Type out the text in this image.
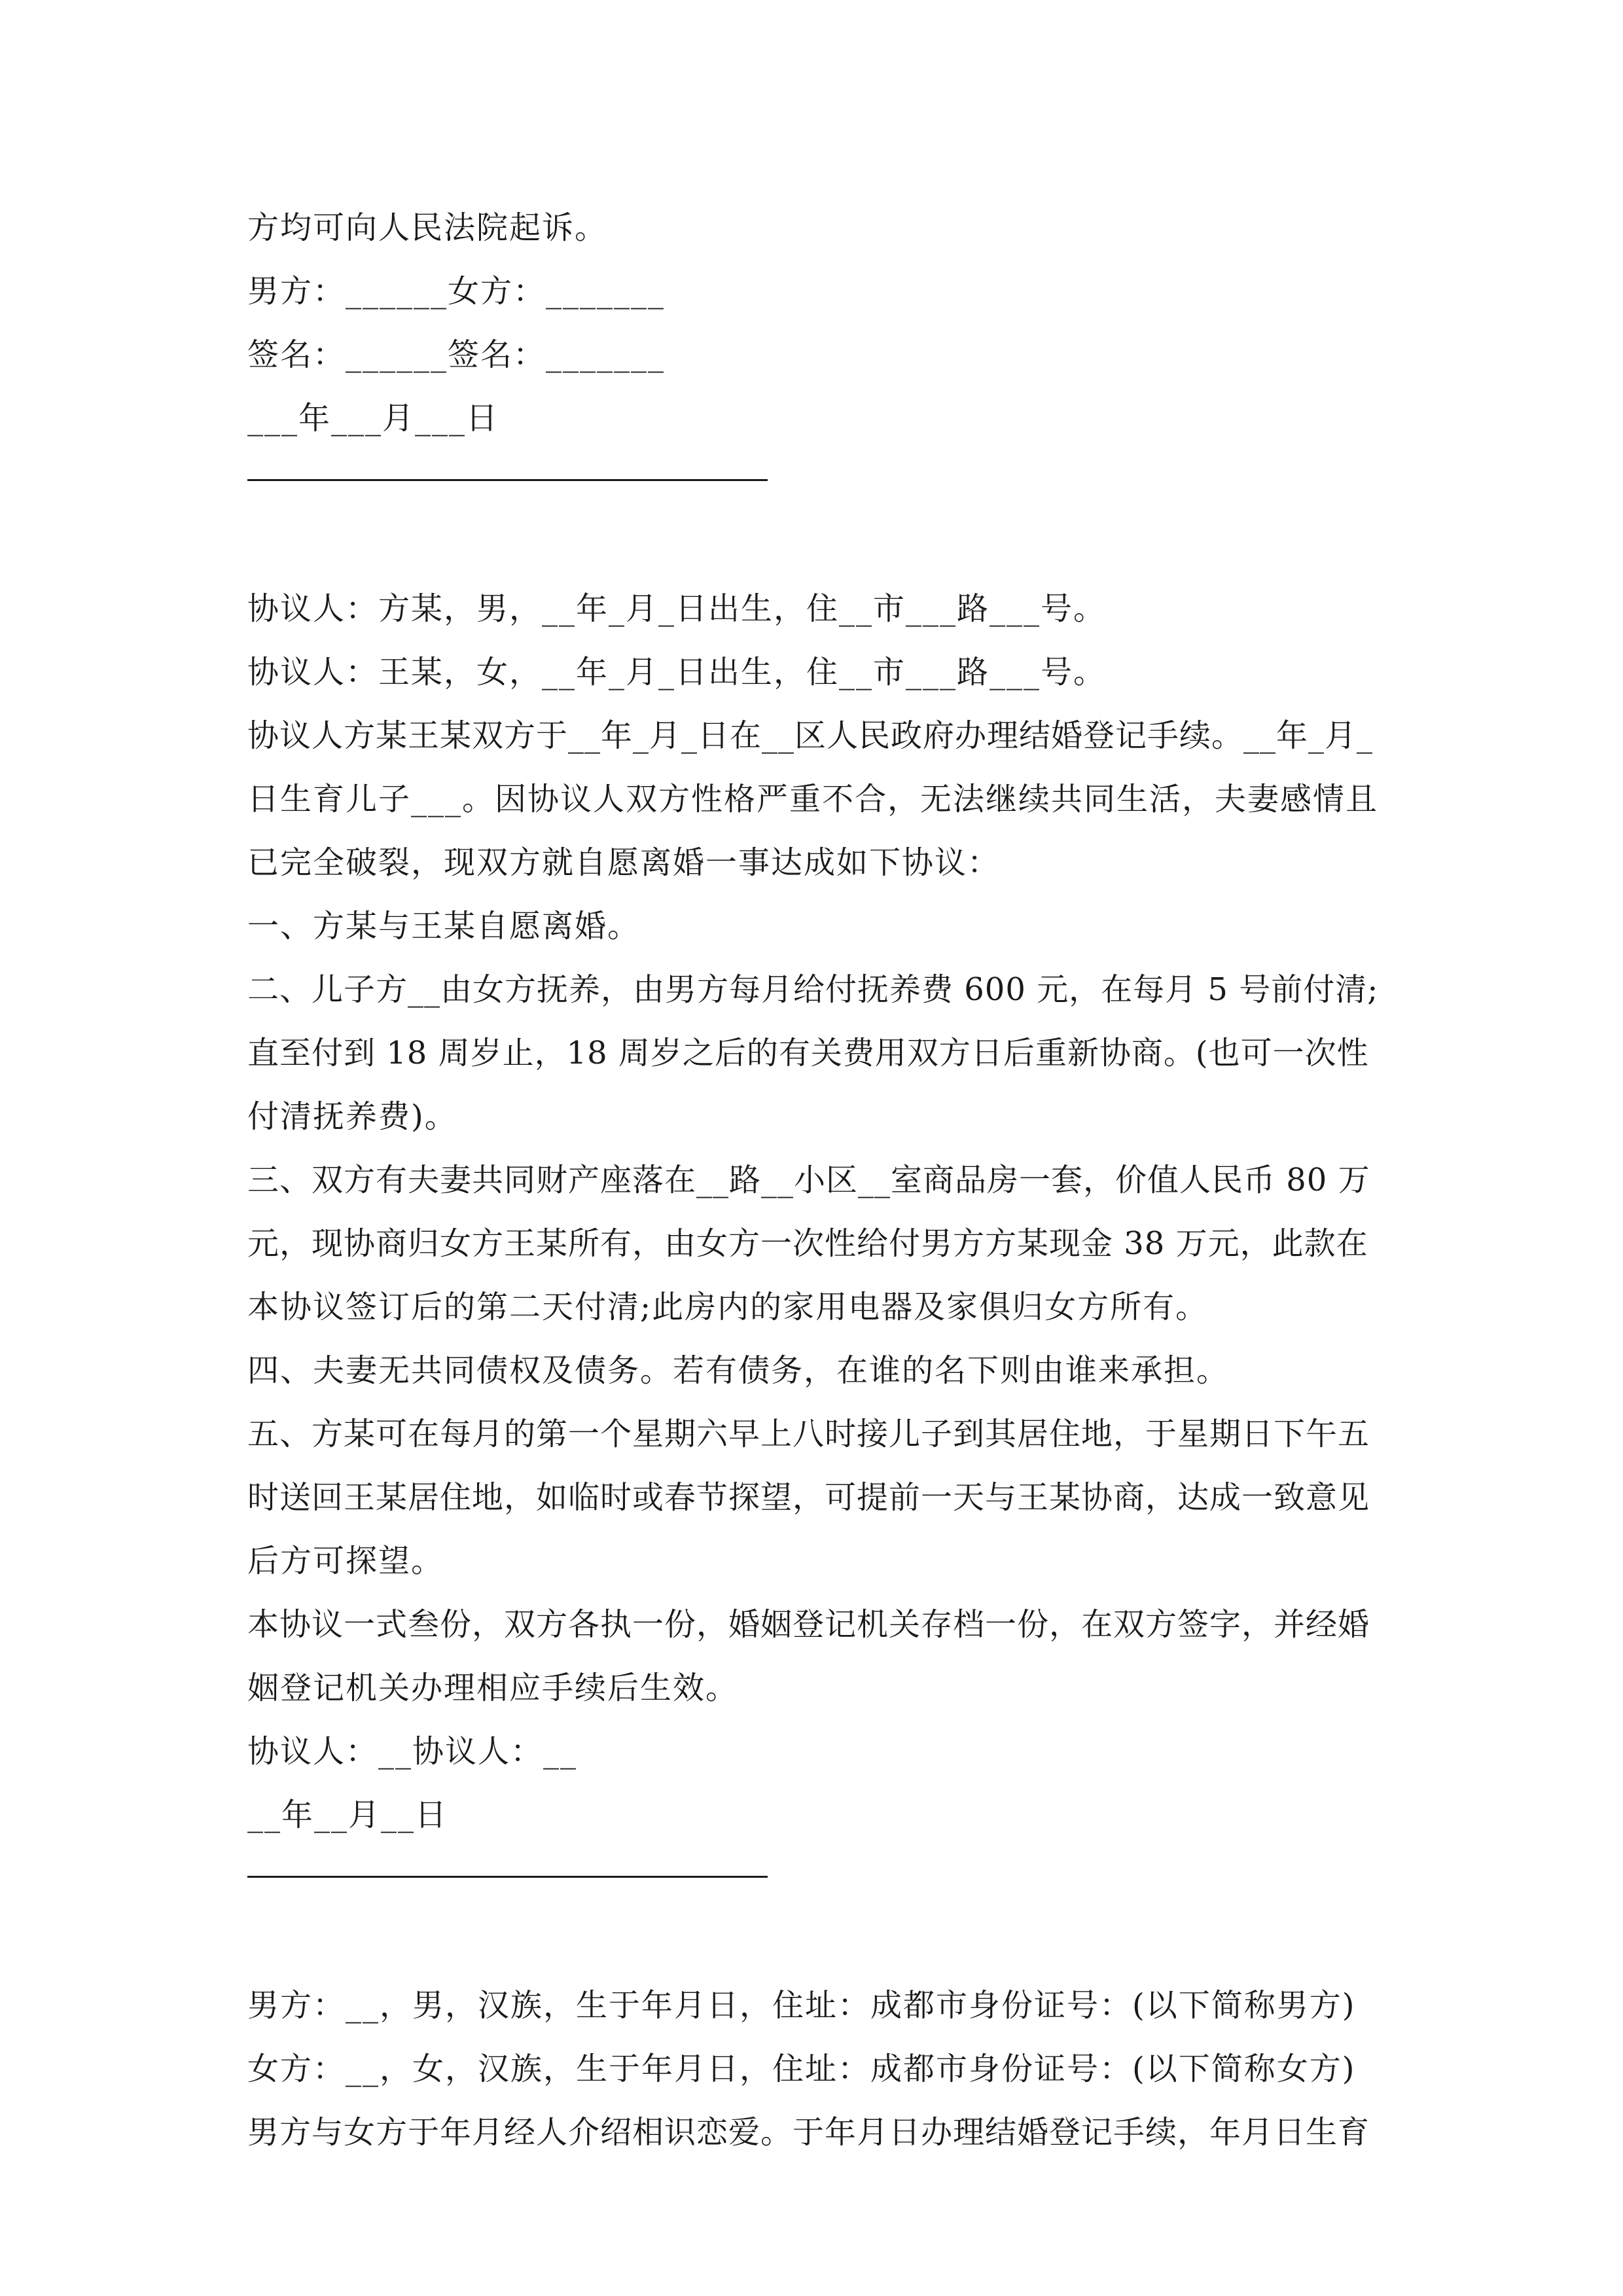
方均可向人民法院起诉。

男方：______女方：_______

签名：______签名：_______

___年___月___日

协议人：方某，男，__年_月_日出生，住__市___路___号。

协议人：王某，女，__年_月_日出生，住__市___路___号。

协议人方某王某双方于__年_月_日在__区人民政府办理结婚登记手续。__年_月_

日生育儿子___。因协议人双方性格严重不合，无法继续共同生活，夫妻感情且

已完全破裂，现双方就自愿离婚一事达成如下协议：

一、方某与王某自愿离婚。

二、儿子方__由女方抚养，由男方每月给付抚养费 600 元，在每月 5 号前付清;

直至付到 18 周岁止，18 周岁之后的有关费用双方日后重新协商。(也可一次性

付清抚养费)。

三、双方有夫妻共同财产座落在__路__小区__室商品房一套，价值人民币 80 万

元，现协商归女方王某所有，由女方一次性给付男方方某现金 38 万元，此款在

本协议签订后的第二天付清;此房内的家用电器及家俱归女方所有。

四、夫妻无共同债权及债务。若有债务，在谁的名下则由谁来承担。

五、方某可在每月的第一个星期六早上八时接儿子到其居住地，于星期日下午五

时送回王某居住地，如临时或春节探望，可提前一天与王某协商，达成一致意见

后方可探望。

本协议一式叁份，双方各执一份，婚姻登记机关存档一份，在双方签字，并经婚

姻登记机关办理相应手续后生效。

协议人：__协议人：__

__年__月__日

男方：__，男，汉族，生于年月日，住址：成都市身份证号：(以下简称男方)

女方：__，女，汉族，生于年月日，住址：成都市身份证号：(以下简称女方)

男方与女方于年月经人介绍相识恋爱。于年月日办理结婚登记手续，年月日生育
